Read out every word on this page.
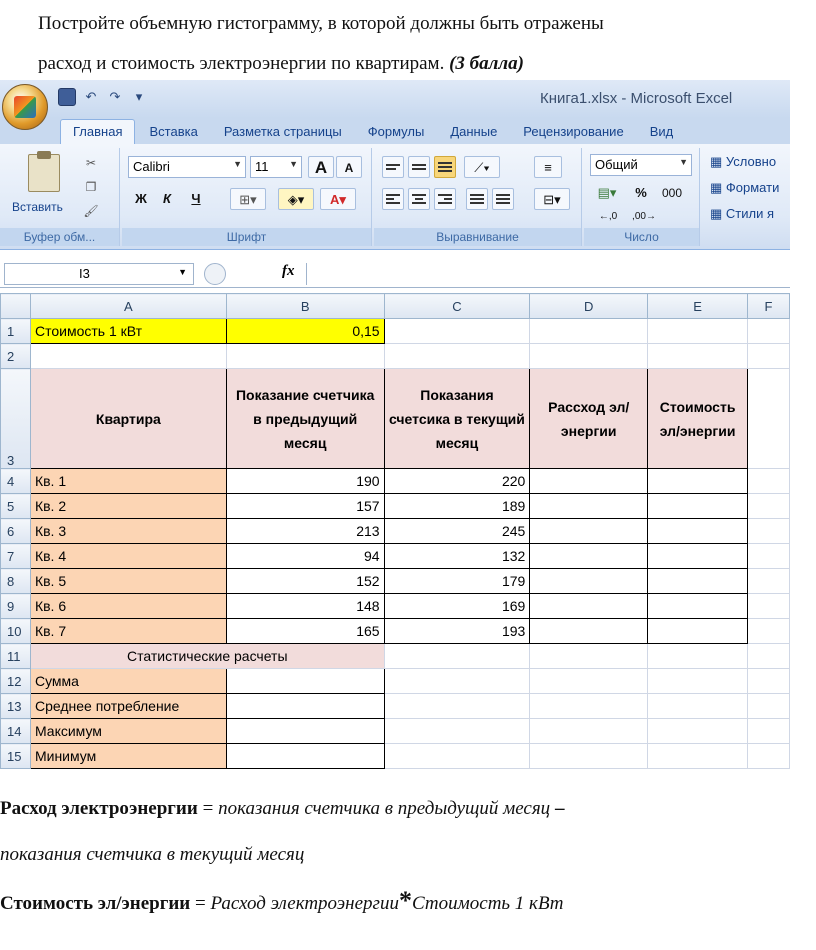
Постройте объемную гистограмму, в которой должны быть отражены
расход и стоимость электроэнергии по квартирам. (3 балла)
↶ ↷	▾	Книга1.xlsx - Microsoft Excel
Главная	Вставка	Разметка страницы	Формулы	Данные	Рецензирование	Вид
Вставить
✂
❐
🖌
Буфер обм...
Calibri	▼	11 ▼ A	A
Ж	К	Ч	⊞▾	◈▾	A▾
Шрифт
⟋▾	≡
⊟▾
Выравнивание
Общий	▼
▤▾	%	000
←,0	,00→
Число
▦ Условно
▦ Формати
▦ Стили я
I3	▼	fx
	A	B	C	D	E	F
1	Стоимость 1 кВт	0,15				
2						
3	Квартира	Показание счетчика в предыдущий месяц	Показания счетсика в текущий месяц	Рассход эл/энергии	Стоимость эл/энергии	
4	Кв. 1	190	220			
5	Кв. 2	157	189			
6	Кв. 3	213	245			
7	Кв. 4	94	132			
8	Кв. 5	152	179			
9	Кв. 6	148	169			
10	Кв. 7	165	193			
11	Статистические расчеты					
12	Сумма					
13	Среднее потребление					
14	Максимум					
15	Минимум					
Расход электроэнергии = показания счетчика в предыдущий месяц –
показания счетчика в текущий месяц
Стоимость эл/энергии = Расход электроэнергии*Стоимость 1 кВт
